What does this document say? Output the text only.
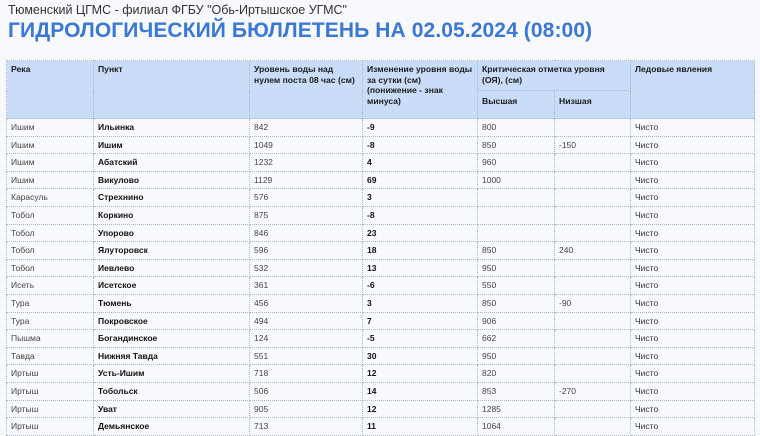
Тюменский ЦГМС - филиал ФГБУ "Обь-Иртышское УГМС"
ГИДРОЛОГИЧЕСКИЙ БЮЛЛЕТЕНЬ НА 02.05.2024 (08:00)
Река	Пункт	Уровень воды над нулем поста 08 час (см)	Изменение уровня воды за сутки (см) (понижение - знак минуса)	Критическая отметка уровня (ОЯ), (см)		Ледовые явления
				Высшая	Низшая	
Ишим	Ильинка	842	-9	800		Чисто
Ишим	Ишим	1049	-8	850	-150	Чисто
Ишим	Абатский	1232	4	960		Чисто
Ишим	Викулово	1129	69	1000		Чисто
Карасуль	Стрехнино	576	3			Чисто
Тобол	Коркино	875	-8			Чисто
Тобол	Упорово	846	23			Чисто
Тобол	Ялуторовск	596	18	850	240	Чисто
Тобол	Иевлево	532	13	950		Чисто
Исеть	Исетское	361	-6	550		Чисто
Тура	Тюмень	456	3	850	-90	Чисто
Тура	Покровское	494	7	906		Чисто
Пышма	Богандинское	124	-5	662		Чисто
Тавда	Нижняя Тавда	551	30	950		Чисто
Иртыш	Усть-Ишим	718	12	820		Чисто
Иртыш	Тобольск	506	14	853	-270	Чисто
Иртыш	Уват	905	12	1285		Чисто
Иртыш	Демьянское	713	11	1064		Чисто
